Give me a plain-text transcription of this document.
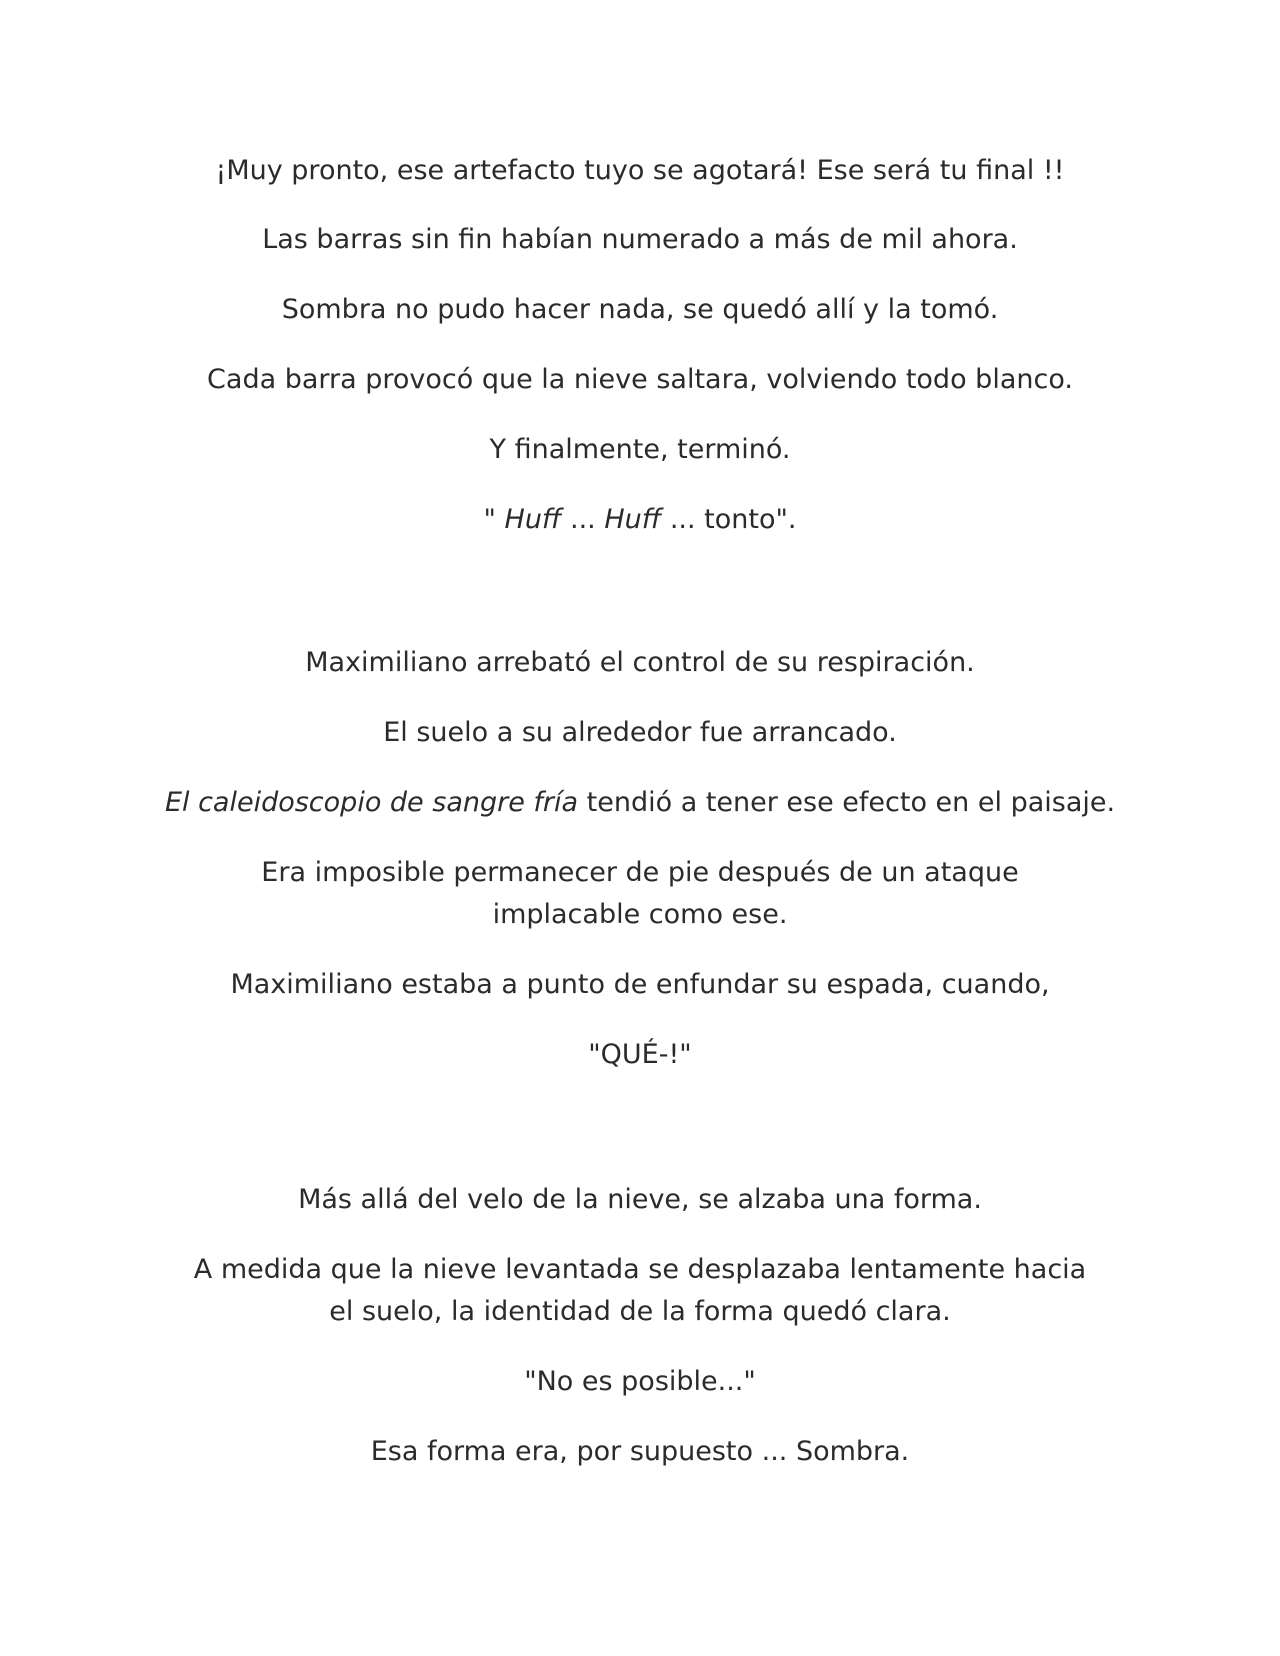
¡Muy pronto, ese artefacto tuyo se agotará! Ese será tu final !!

Las barras sin fin habían numerado a más de mil ahora.

Sombra no pudo hacer nada, se quedó allí y la tomó.

Cada barra provocó que la nieve saltara, volviendo todo blanco.

Y finalmente, terminó.

" Huff ... Huff ... tonto".

Maximiliano arrebató el control de su respiración.

El suelo a su alrededor fue arrancado.

El caleidoscopio de sangre fría tendió a tener ese efecto en el paisaje.

Era imposible permanecer de pie después de un ataque implacable como ese.

Maximiliano estaba a punto de enfundar su espada, cuando,

"QUÉ-!"

Más allá del velo de la nieve, se alzaba una forma.

A medida que la nieve levantada se desplazaba lentamente hacia el suelo, la identidad de la forma quedó clara.

"No es posible..."

Esa forma era, por supuesto ... Sombra.
